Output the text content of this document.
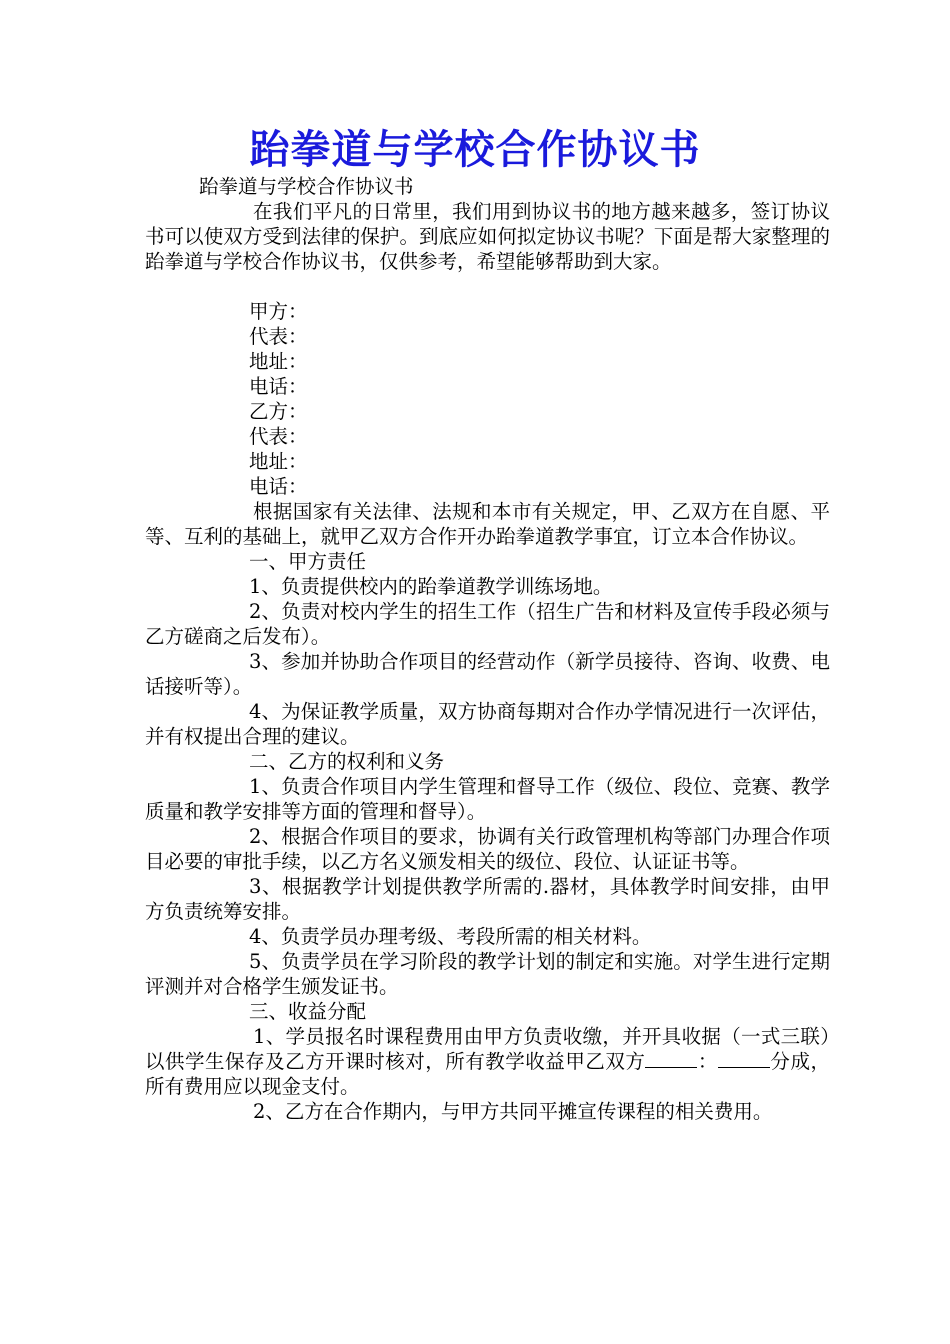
跆拳道与学校合作协议书

跆拳道与学校合作协议书

在我们平凡的日常里，我们用到协议书的地方越来越多，签订协议书可以使双方受到法律的保护。到底应如何拟定协议书呢？下面是帮大家整理的跆拳道与学校合作协议书，仅供参考，希望能够帮助到大家。

甲方：

代表：

地址：

电话：

乙方：

代表：

地址：

电话：

根据国家有关法律、法规和本市有关规定，甲、乙双方在自愿、平等、互利的基础上，就甲乙双方合作开办跆拳道教学事宜，订立本合作协议。

一、甲方责任

1、负责提供校内的跆拳道教学训练场地。

2、负责对校内学生的招生工作（招生广告和材料及宣传手段必须与乙方磋商之后发布）。

3、参加并协助合作项目的经营动作（新学员接待、咨询、收费、电话接听等）。

4、为保证教学质量，双方协商每期对合作办学情况进行一次评估，并有权提出合理的建议。

二、乙方的权利和义务

1、负责合作项目内学生管理和督导工作（级位、段位、竞赛、教学质量和教学安排等方面的管理和督导）。

2、根据合作项目的要求，协调有关行政管理机构等部门办理合作项目必要的审批手续，以乙方名义颁发相关的级位、段位、认证证书等。

3、根据教学计划提供教学所需的.器材，具体教学时间安排，由甲方负责统筹安排。

4、负责学员办理考级、考段所需的相关材料。

5、负责学员在学习阶段的教学计划的制定和实施。对学生进行定期评测并对合格学生颁发证书。

三、收益分配

1、学员报名时课程费用由甲方负责收缴，并开具收据（一式三联）以供学生保存及乙方开课时核对，所有教学收益甲乙双方	：	分成，所有费用应以现金支付。

2、乙方在合作期内，与甲方共同平摊宣传课程的相关费用。
